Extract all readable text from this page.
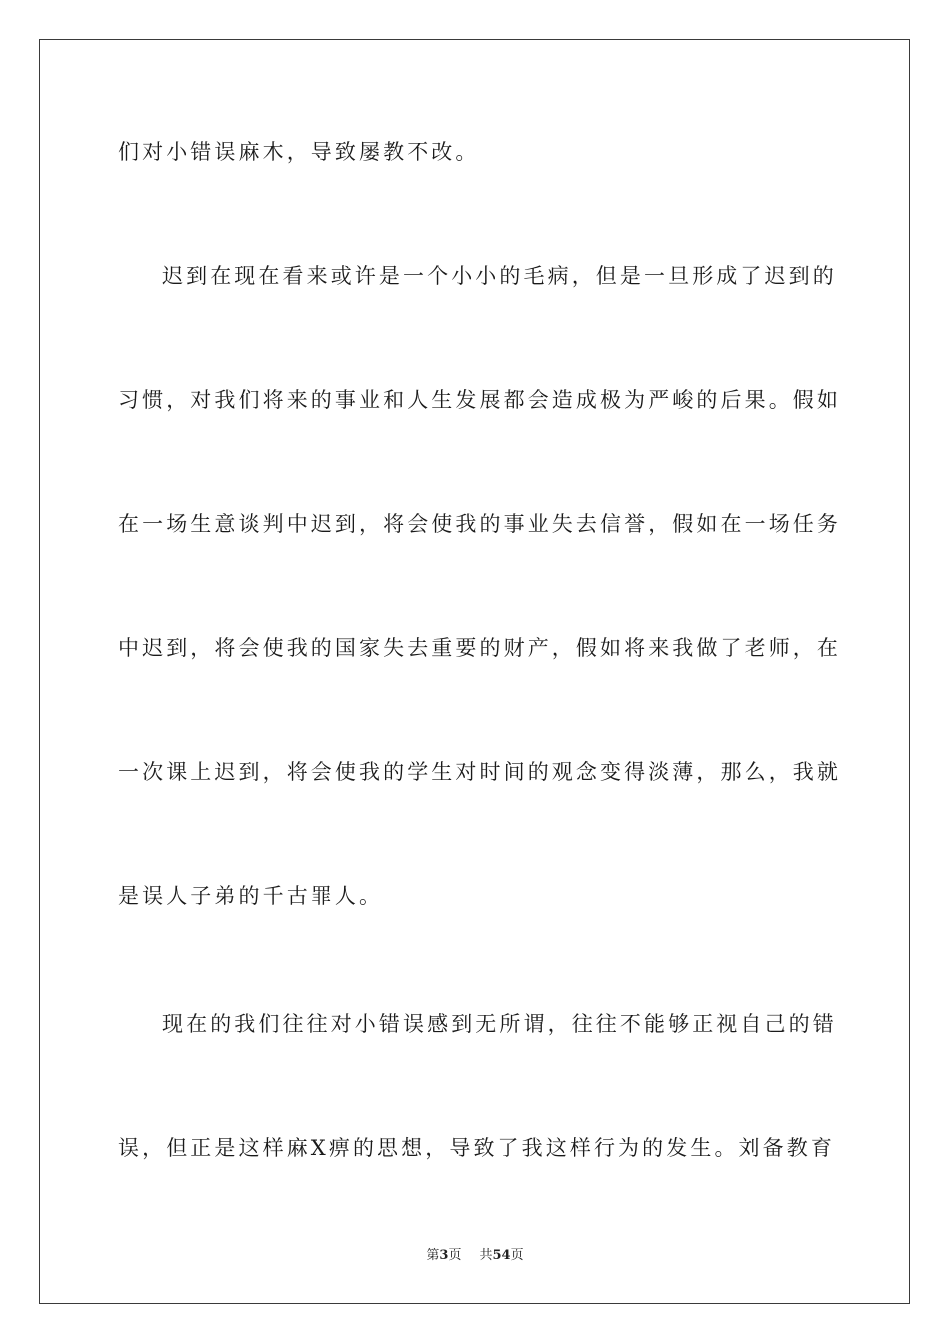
们对小错误麻木，导致屡教不改。
迟到在现在看来或许是一个小小的毛病，但是一旦形成了迟到的
习惯，对我们将来的事业和人生发展都会造成极为严峻的后果。假如
在一场生意谈判中迟到，将会使我的事业失去信誉，假如在一场任务
中迟到，将会使我的国家失去重要的财产，假如将来我做了老师，在
一次课上迟到，将会使我的学生对时间的观念变得淡薄，那么，我就
是误人子弟的千古罪人。
现在的我们往往对小错误感到无所谓，往往不能够正视自己的错
误，但正是这样麻X痹的思想，导致了我这样行为的发生。刘备教育
第3页 共54页
